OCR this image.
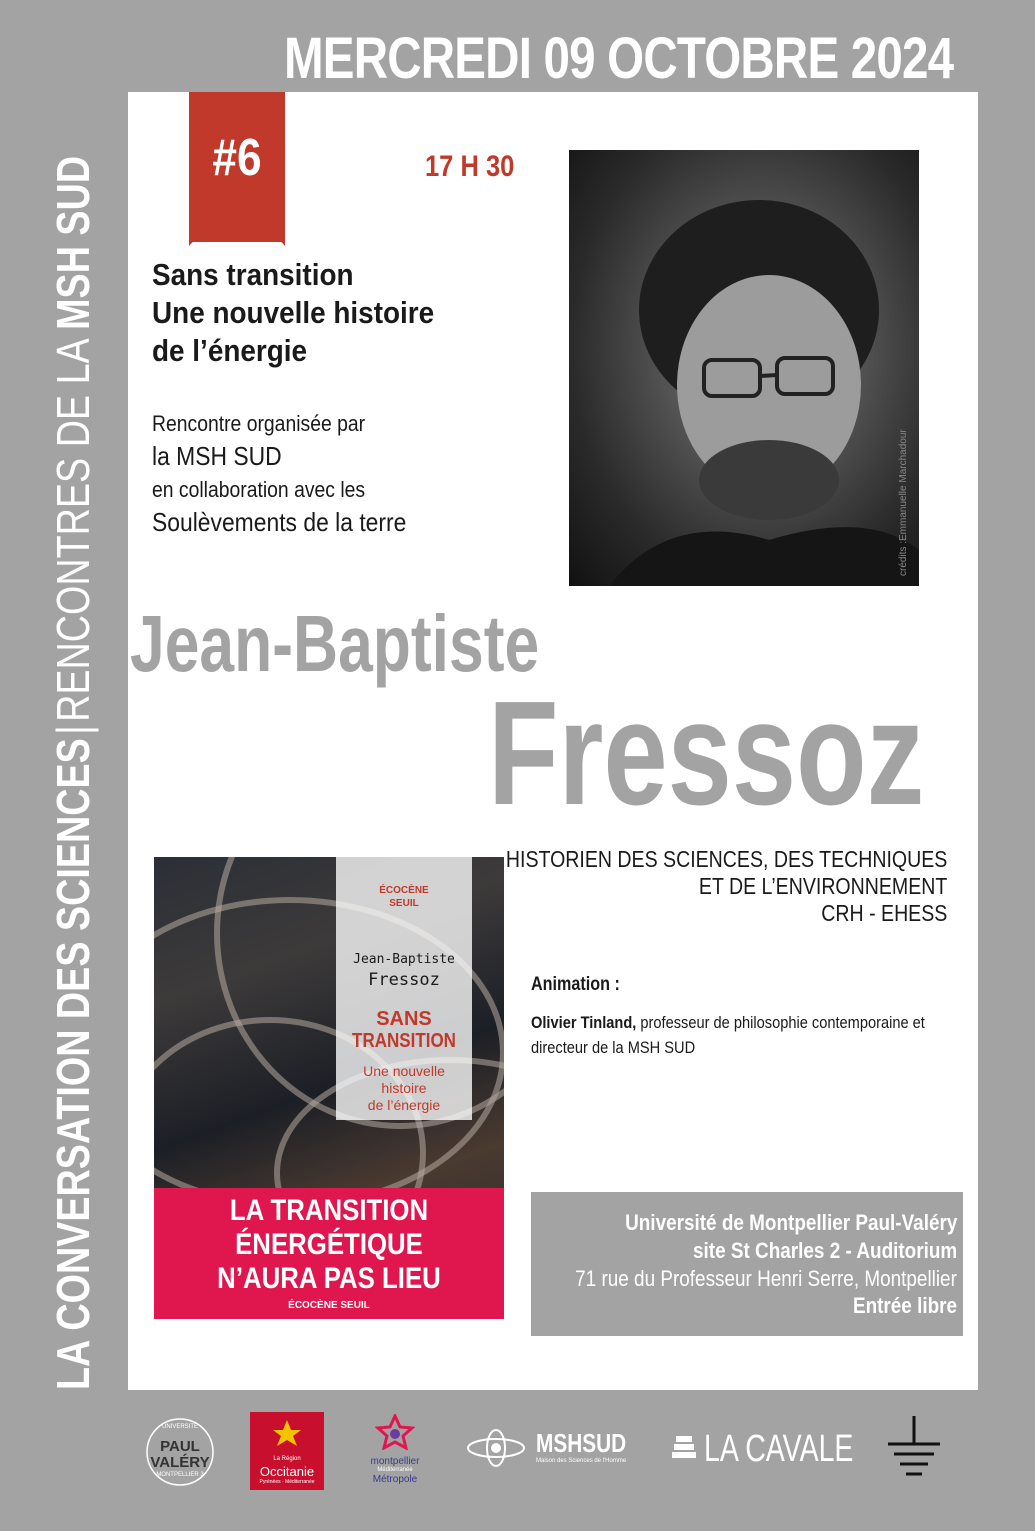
MERCREDI 09 OCTOBRE 2024
LA CONVERSATION DES SCIENCES|RENCONTRES DE LA MSH SUD	#6	17 H 30
Sans transition
Une nouvelle histoire
de l’énergie
Rencontre organisée par
la MSH SUD
en collaboration avec les
Soulèvements de la terre	crédits :Emmanuelle Marchadour
Jean-Baptiste
Fressoz
HISTORIEN DES SCIENCES, DES TECHNIQUES
ET DE L’ENVIRONNEMENT
CRH - EHESS
Animation :
Olivier Tinland, professeur de philosophie contemporaine et directeur de la MSH SUD
ÉCOCÈNE
SEUIL
Jean-Baptiste
Fressoz
SANS
TRANSITION
Une nouvelle
histoire
de l’énergie
LA TRANSITION
ÉNERGÉTIQUE
N’AURA PAS LIEU
ÉCOCÈNE SEUIL
Université de Montpellier Paul-Valéry
site St Charles 2 - Auditorium
71 rue du Professeur Henri Serre, Montpellier
Entrée libre
UNIVERSITÉ
PAUL
VALÉRY
MONTPELLIER 3
La Région
Occitanie
Pyrénées · Méditerranée
montpellier
Méditerranée
Métropole
MSHSUD
Maison des Sciences de l'Homme LA CAVALE
